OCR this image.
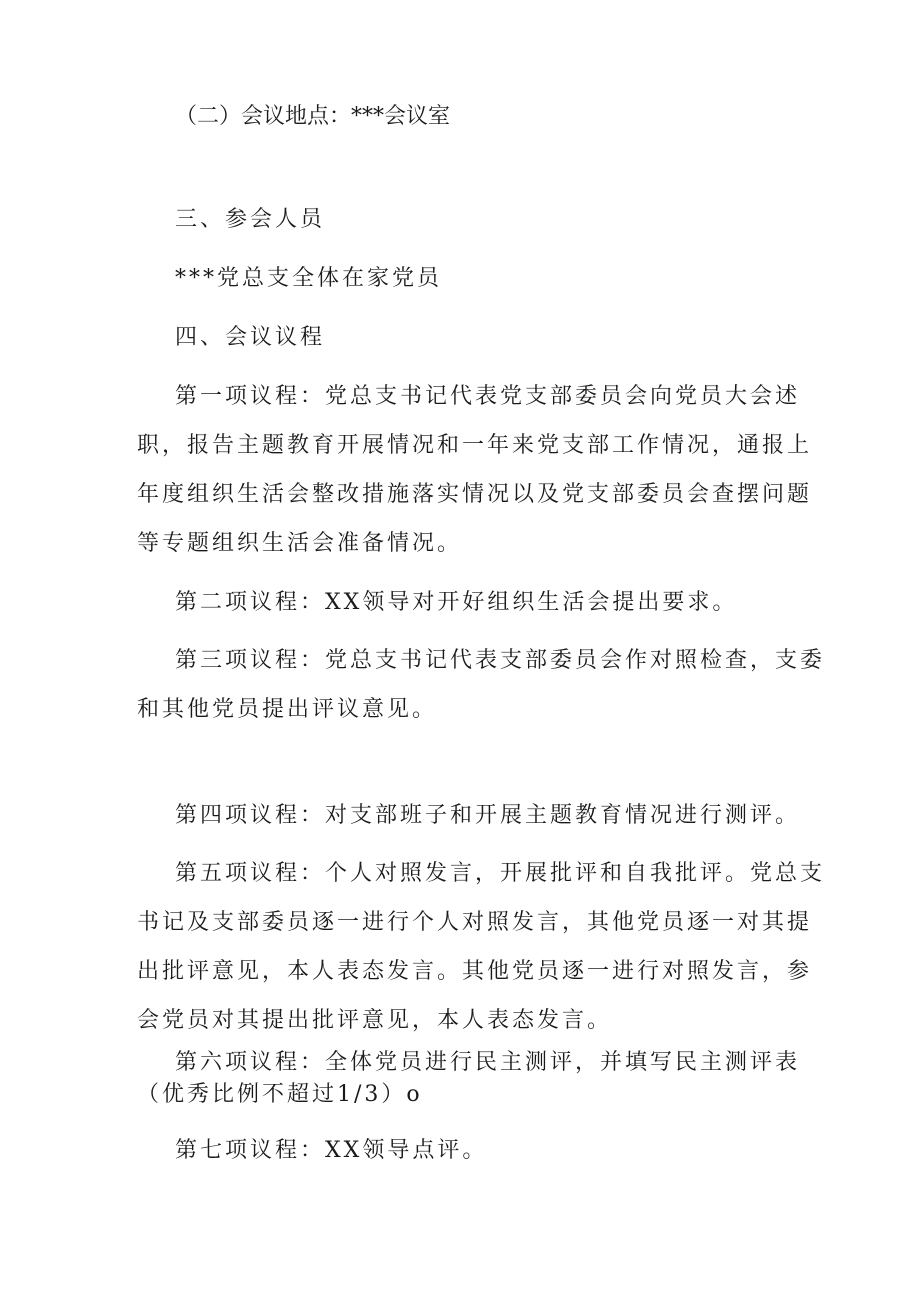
（二）会议地点：***会议室
三、参会人员
***党总支全体在家党员
四、会议议程
第一项议程：党总支书记代表党支部委员会向党员大会述
职，报告主题教育开展情况和一年来党支部工作情况，通报上
年度组织生活会整改措施落实情况以及党支部委员会查摆问题
等专题组织生活会准备情况。
第二项议程：XX领导对开好组织生活会提出要求。
第三项议程：党总支书记代表支部委员会作对照检查，支委
和其他党员提出评议意见。
第四项议程：对支部班子和开展主题教育情况进行测评。
第五项议程：个人对照发言，开展批评和自我批评。党总支
书记及支部委员逐一进行个人对照发言，其他党员逐一对其提
出批评意见，本人表态发言。其他党员逐一进行对照发言，参
会党员对其提出批评意见，本人表态发言。
第六项议程：全体党员进行民主测评，并填写民主测评表
（优秀比例不超过1/3）o
第七项议程：XX领导点评。
